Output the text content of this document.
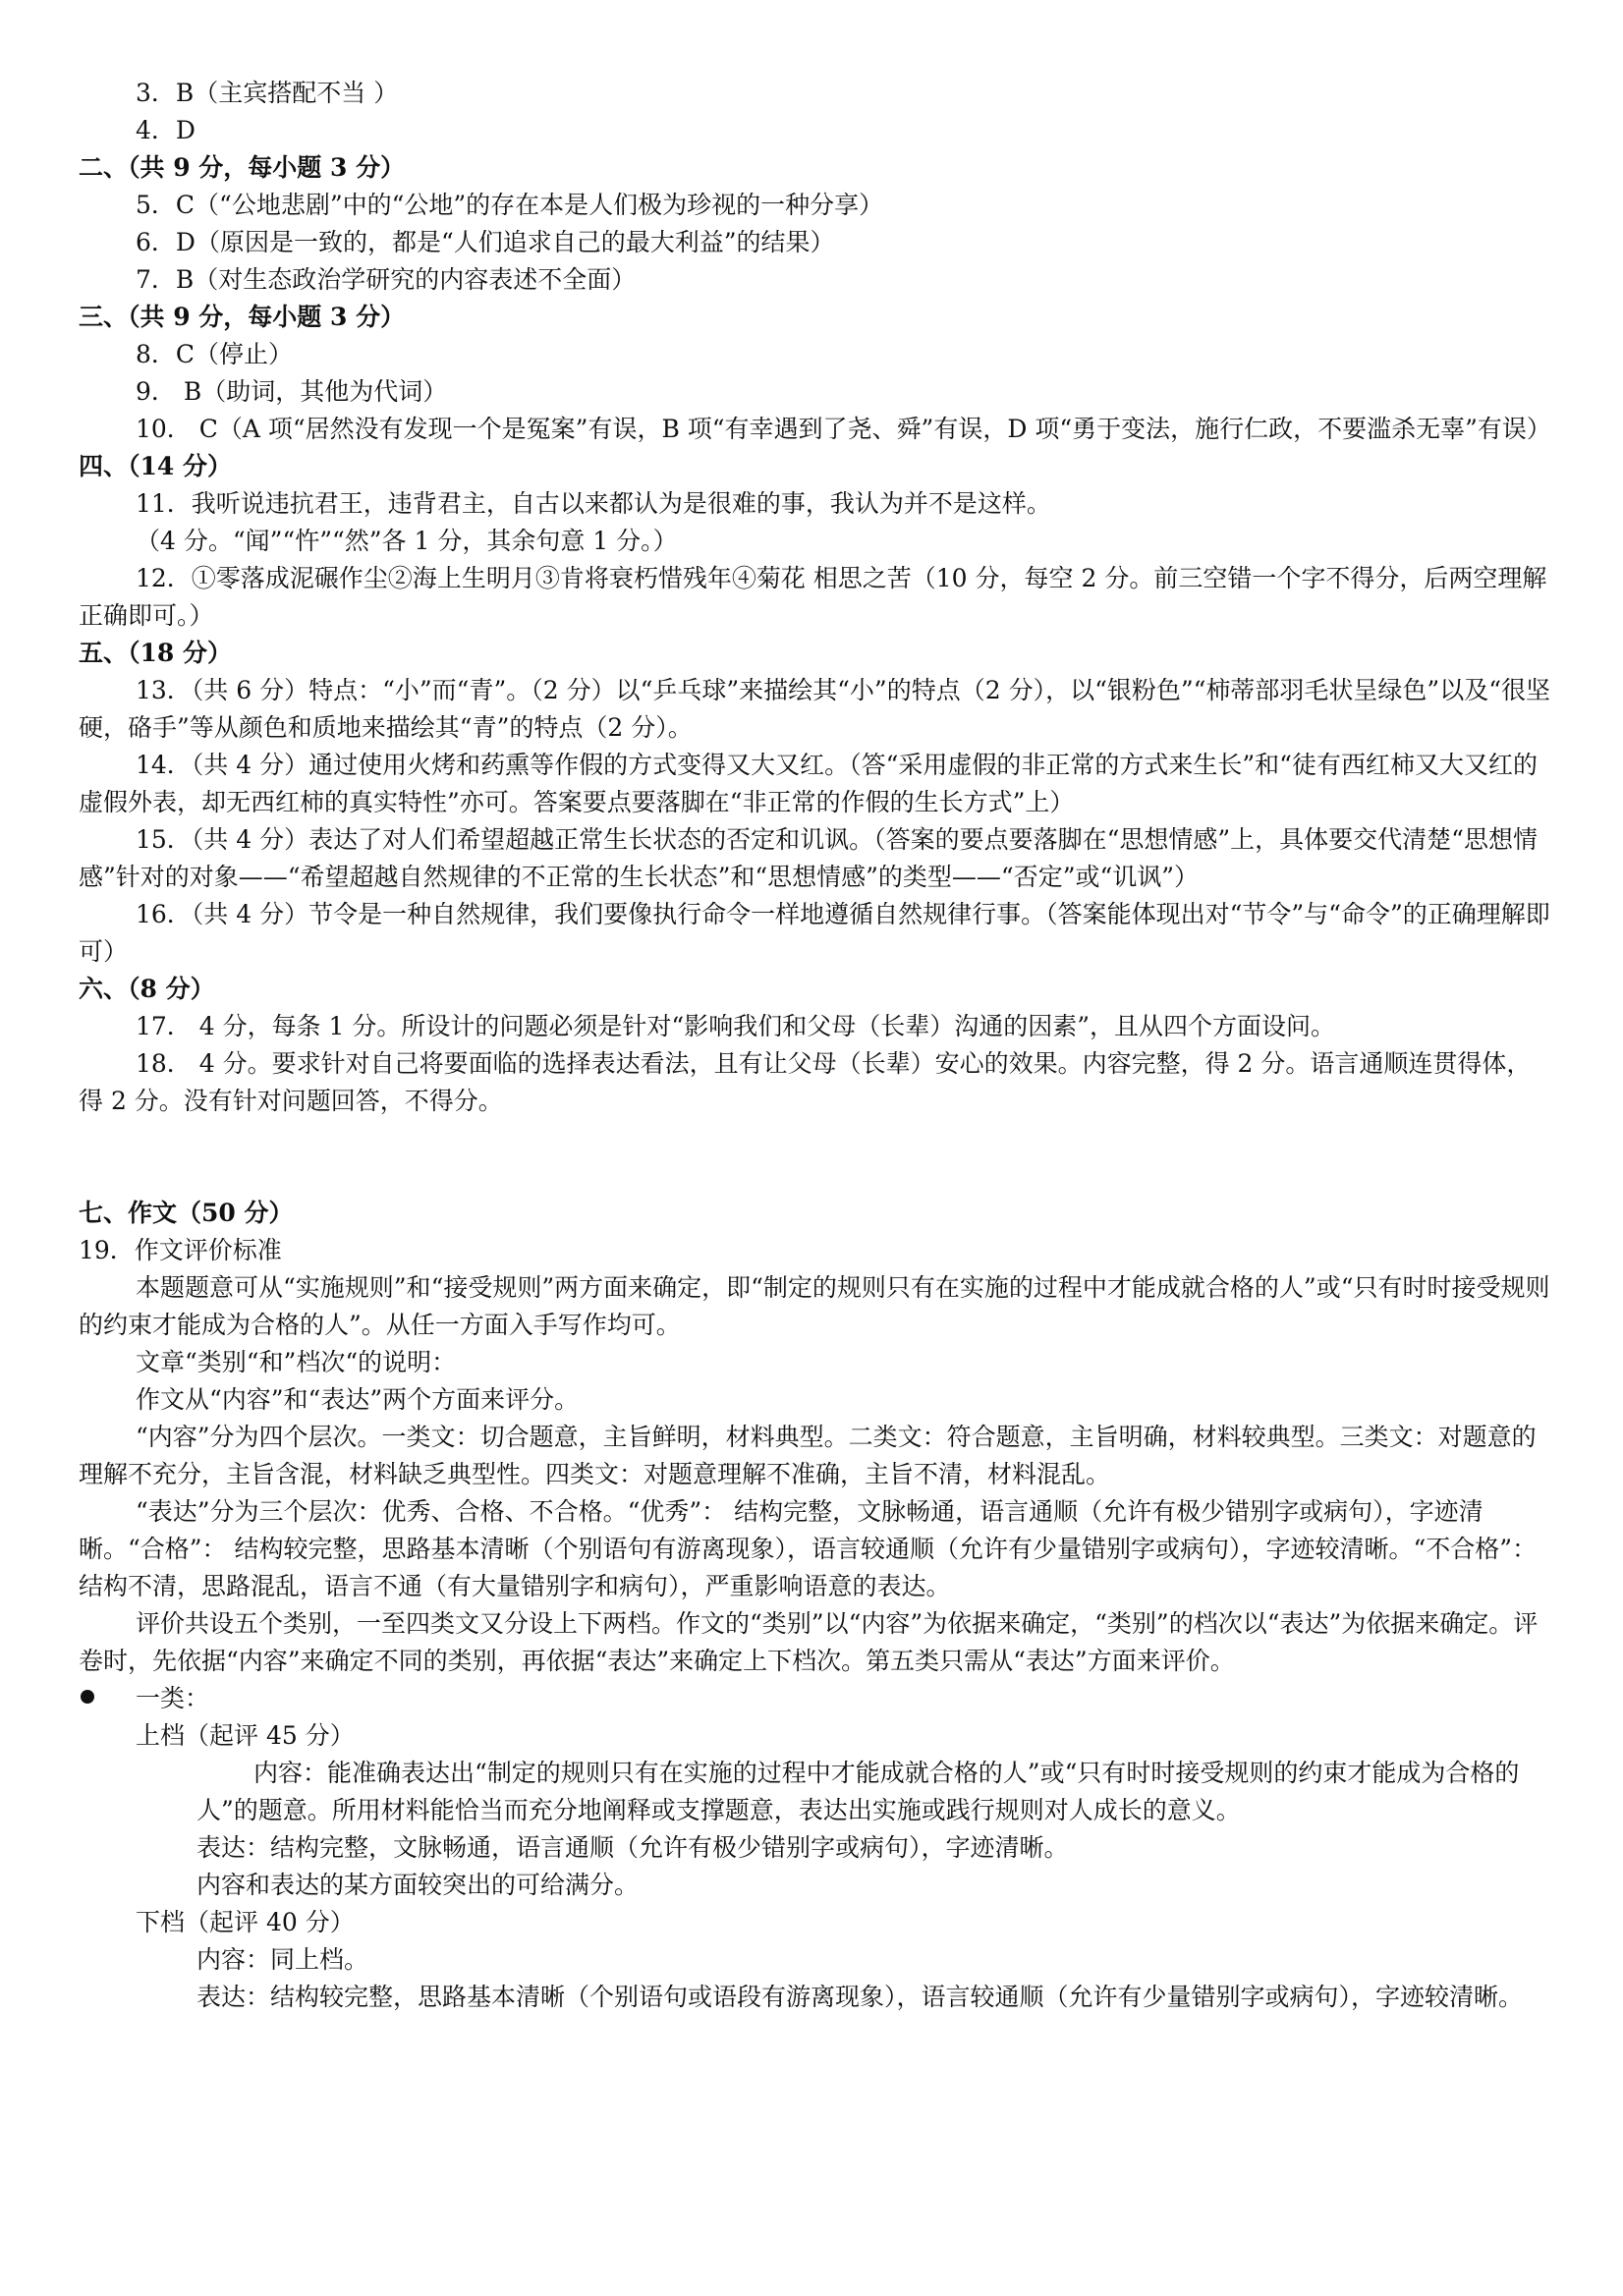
3．B（主宾搭配不当 ）
4．D
二、（共 9 分，每小题 3 分）
5．C（“公地悲剧”中的“公地”的存在本是人们极为珍视的一种分享）
6．D（原因是一致的，都是“人们追求自己的最大利益”的结果）
7．B（对生态政治学研究的内容表述不全面）
三、（共 9 分，每小题 3 分）
8．C（停止）
9． B（助词，其他为代词）

10． C（A 项“居然没有发现一个是冤案”有误，B 项“有幸遇到了尧、舜”有误，D 项“勇于变法，施行仁政，不要滥杀无辜”有误）

四、（14 分）
11．我听说违抗君王，违背君主，自古以来都认为是很难的事，我认为并不是这样。
（4 分。“闻”“忤”“然”各 1 分，其余句意 1 分。）

12．①零落成泥碾作尘②海上生明月③肯将衰朽惜残年④菊花 相思之苦（10 分，每空 2 分。前三空错一个字不得分，后两空理解正确即可。）

五、（18 分）

13．（共 6 分）特点：“小”而“青”。（2 分）以“乒乓球”来描绘其“小”的特点（2 分），以“银粉色”“柿蒂部羽毛状呈绿色”以及“很坚硬，硌手”等从颜色和质地来描绘其“青”的特点（2 分）。

14．（共 4 分）通过使用火烤和药熏等作假的方式变得又大又红。（答“采用虚假的非正常的方式来生长”和“徒有西红柿又大又红的虚假外表，却无西红柿的真实特性”亦可。答案要点要落脚在“非正常的作假的生长方式”上）

15．（共 4 分）表达了对人们希望超越正常生长状态的否定和讥讽。（答案的要点要落脚在“思想情感”上，具体要交代清楚“思想情感”针对的对象——“希望超越自然规律的不正常的生长状态”和“思想情感”的类型——“否定”或“讥讽”）

16．（共 4 分）节令是一种自然规律，我们要像执行命令一样地遵循自然规律行事。（答案能体现出对“节令”与“命令”的正确理解即可）

六、（8 分）

17． 4 分，每条 1 分。所设计的问题必须是针对“影响我们和父母（长辈）沟通的因素”，且从四个方面设问。

18． 4 分。要求针对自己将要面临的选择表达看法，且有让父母（长辈）安心的效果。内容完整，得 2 分。语言通顺连贯得体，得 2 分。没有针对问题回答，不得分。

七、作文（50 分）
19．作文评价标准

本题题意可从“实施规则”和“接受规则”两方面来确定，即“制定的规则只有在实施的过程中才能成就合格的人”或“只有时时接受规则的约束才能成为合格的人”。从任一方面入手写作均可。

文章“类别“和”档次“的说明：
作文从“内容”和“表达”两个方面来评分。

“内容”分为四个层次。一类文：切合题意，主旨鲜明，材料典型。二类文：符合题意，主旨明确，材料较典型。三类文：对题意的理解不充分，主旨含混，材料缺乏典型性。四类文：对题意理解不准确，主旨不清，材料混乱。

“表达”分为三个层次：优秀、合格、不合格。“优秀”： 结构完整，文脉畅通，语言通顺（允许有极少错别字或病句），字迹清晰。“合格”： 结构较完整，思路基本清晰（个别语句有游离现象），语言较通顺（允许有少量错别字或病句），字迹较清晰。“不合格”： 结构不清，思路混乱，语言不通（有大量错别字和病句），严重影响语意的表达。

评价共设五个类别，一至四类文又分设上下两档。作文的“类别”以“内容”为依据来确定，“类别”的档次以“表达”为依据来确定。评卷时，先依据“内容”来确定不同的类别，再依据“表达”来确定上下档次。第五类只需从“表达”方面来评价。

一类：
上档（起评 45 分）

内容：能准确表达出“制定的规则只有在实施的过程中才能成就合格的人”或“只有时时接受规则的约束才能成为合格的人”的题意。所用材料能恰当而充分地阐释或支撑题意，表达出实施或践行规则对人成长的意义。

表达：结构完整，文脉畅通，语言通顺（允许有极少错别字或病句），字迹清晰。
内容和表达的某方面较突出的可给满分。
下档（起评 40 分）
内容：同上档。

表达：结构较完整，思路基本清晰（个别语句或语段有游离现象），语言较通顺（允许有少量错别字或病句），字迹较清晰。
